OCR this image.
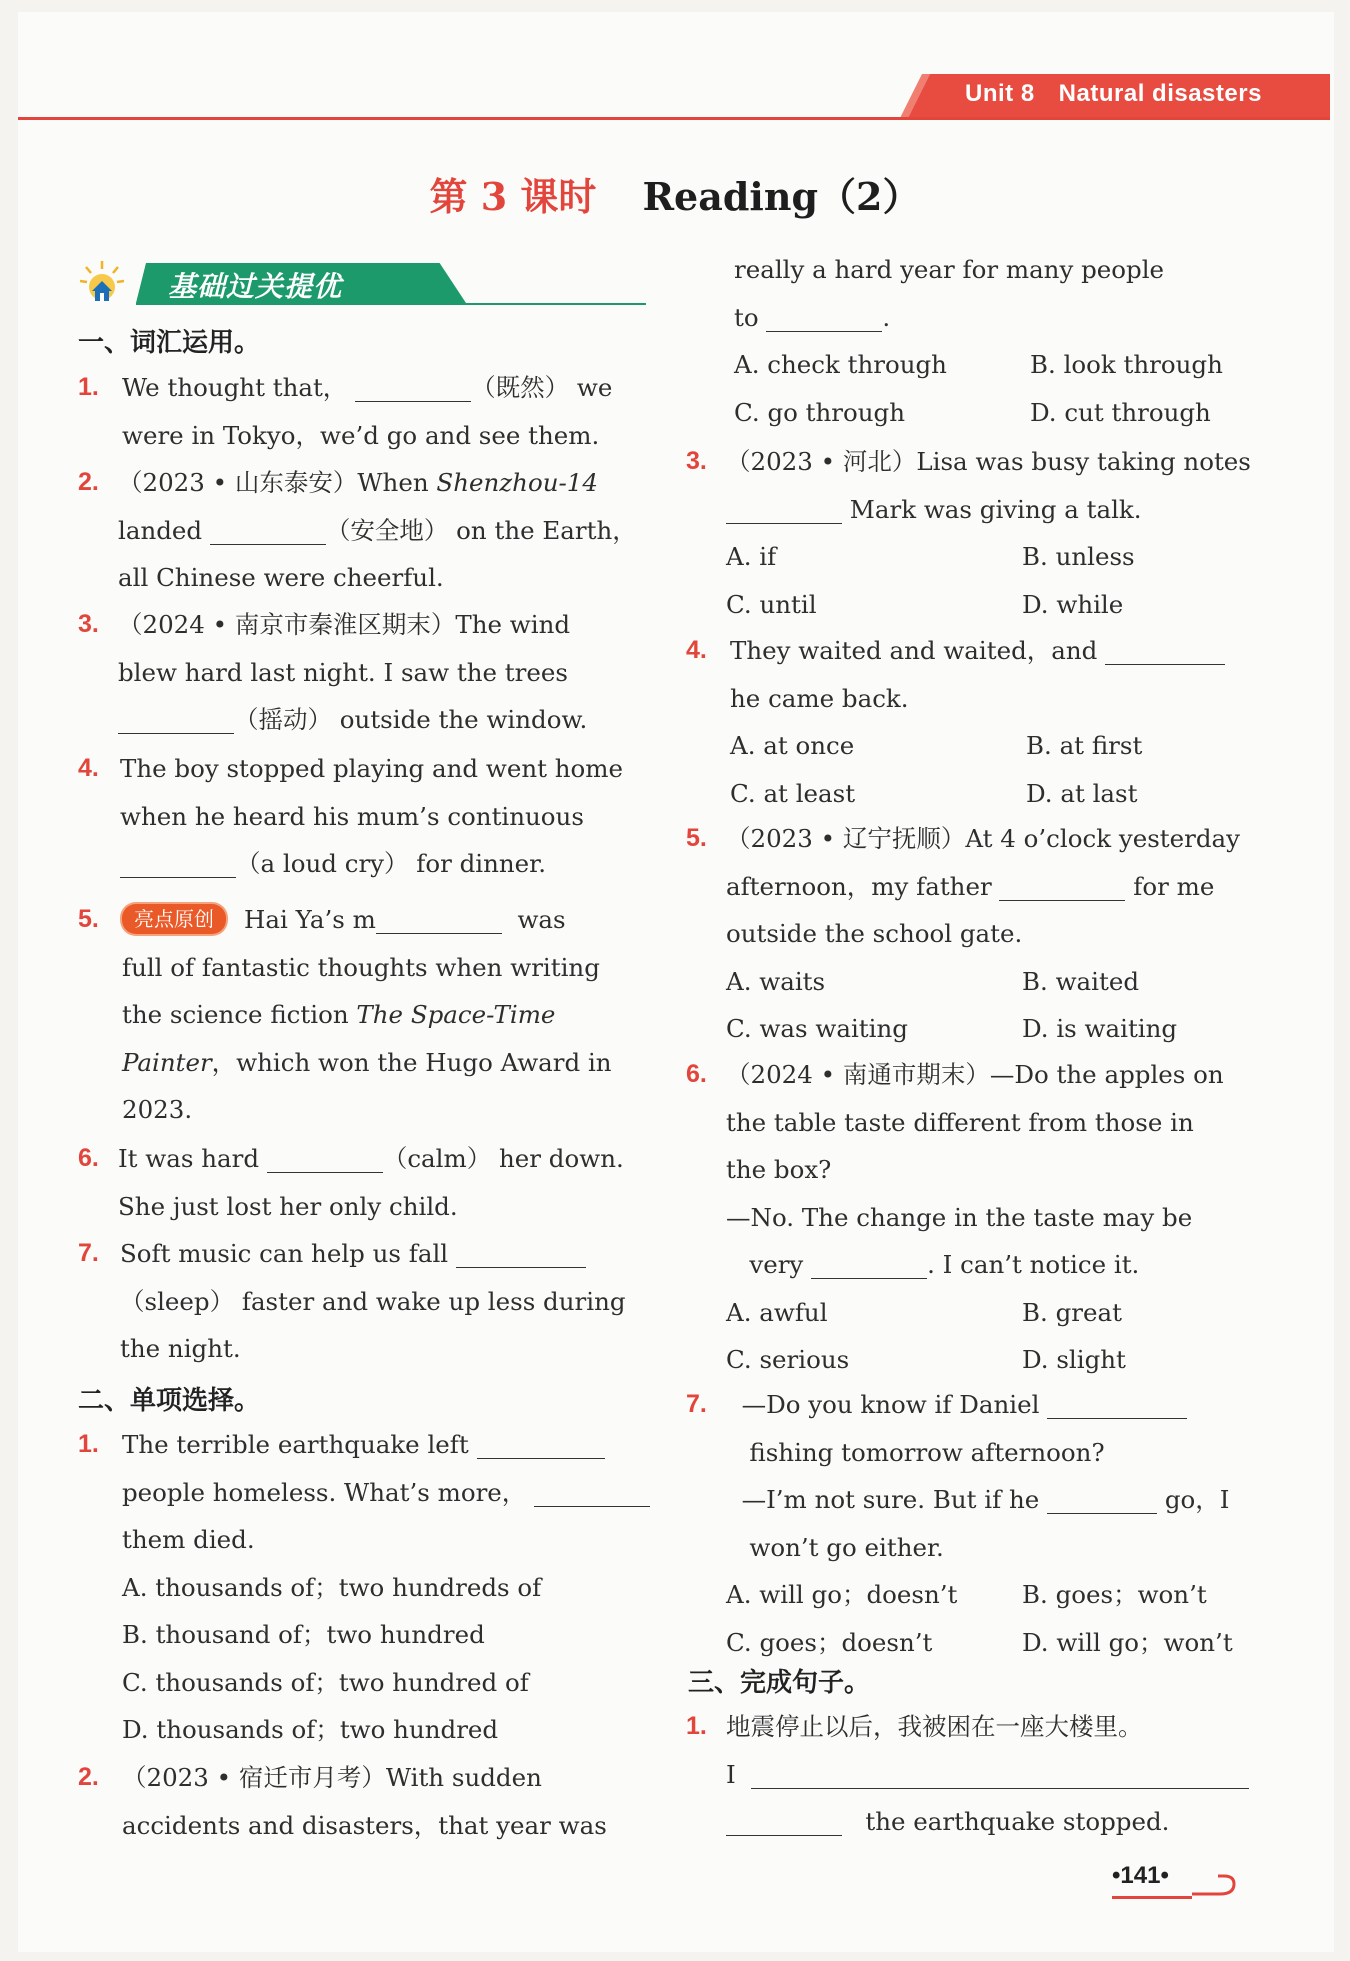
Unit 8 Natural disasters
第 3 课时 Reading（2）
基础过关提优
一、词汇运用。
1. We thought that，	（既然） we
were in Tokyo，we’d go and see them.
2. （2023 • 山东泰安）When Shenzhou-14
landed	（安全地） on the Earth，
all Chinese were cheerful.
3. （2024 • 南京市秦淮区期末）The wind
blew hard last night. I saw the trees
（摇动） outside the window.
4. The boy stopped playing and went home
when he heard his mum’s continuous
（a loud cry） for dinner.
5.	亮点原创 Hai Ya’s m	was
full of fantastic thoughts when writing
the science fiction The Space-Time
Painter，which won the Hugo Award in
2023.
6. It was hard	（calm） her down.
She just lost her only child.
7. Soft music can help us fall
（sleep） faster and wake up less during
the night.
二、单项选择。
1. The terrible earthquake left
people homeless. What’s more，
them died.
A. thousands of；two hundreds of
B. thousand of；two hundred
C. thousands of；two hundred of
D. thousands of；two hundred
2. （2023 • 宿迁市月考）With sudden
accidents and disasters，that year was
really a hard year for many people
to	.
A. check through	B. look through
C. go through	D. cut through
3. （2023 • 河北）Lisa was busy taking notes
Mark was giving a talk.
A. if	B. unless
C. until	D. while
4. They waited and waited，and
he came back.
A. at once	B. at first
C. at least	D. at last
5. （2023 • 辽宁抚顺）At 4 o’clock yesterday
afternoon，my father	for me
outside the school gate.
A. waits	B. waited
C. was waiting	D. is waiting
6. （2024 • 南通市期末）—Do the apples on
the table taste different from those in
the box?
—No. The change in the taste may be
very	. I can’t notice it.
A. awful	B. great
C. serious	D. slight
7.	—Do you know if Daniel
fishing tomorrow afternoon?
—I’m not sure. But if he	go，I
won’t go either.
A. will go；doesn’t	B. goes；won’t
C. goes；doesn’t	D. will go；won’t
三、完成句子。
1. 地震停止以后，我被困在一座大楼里。
I
the earthquake stopped.
•141•
